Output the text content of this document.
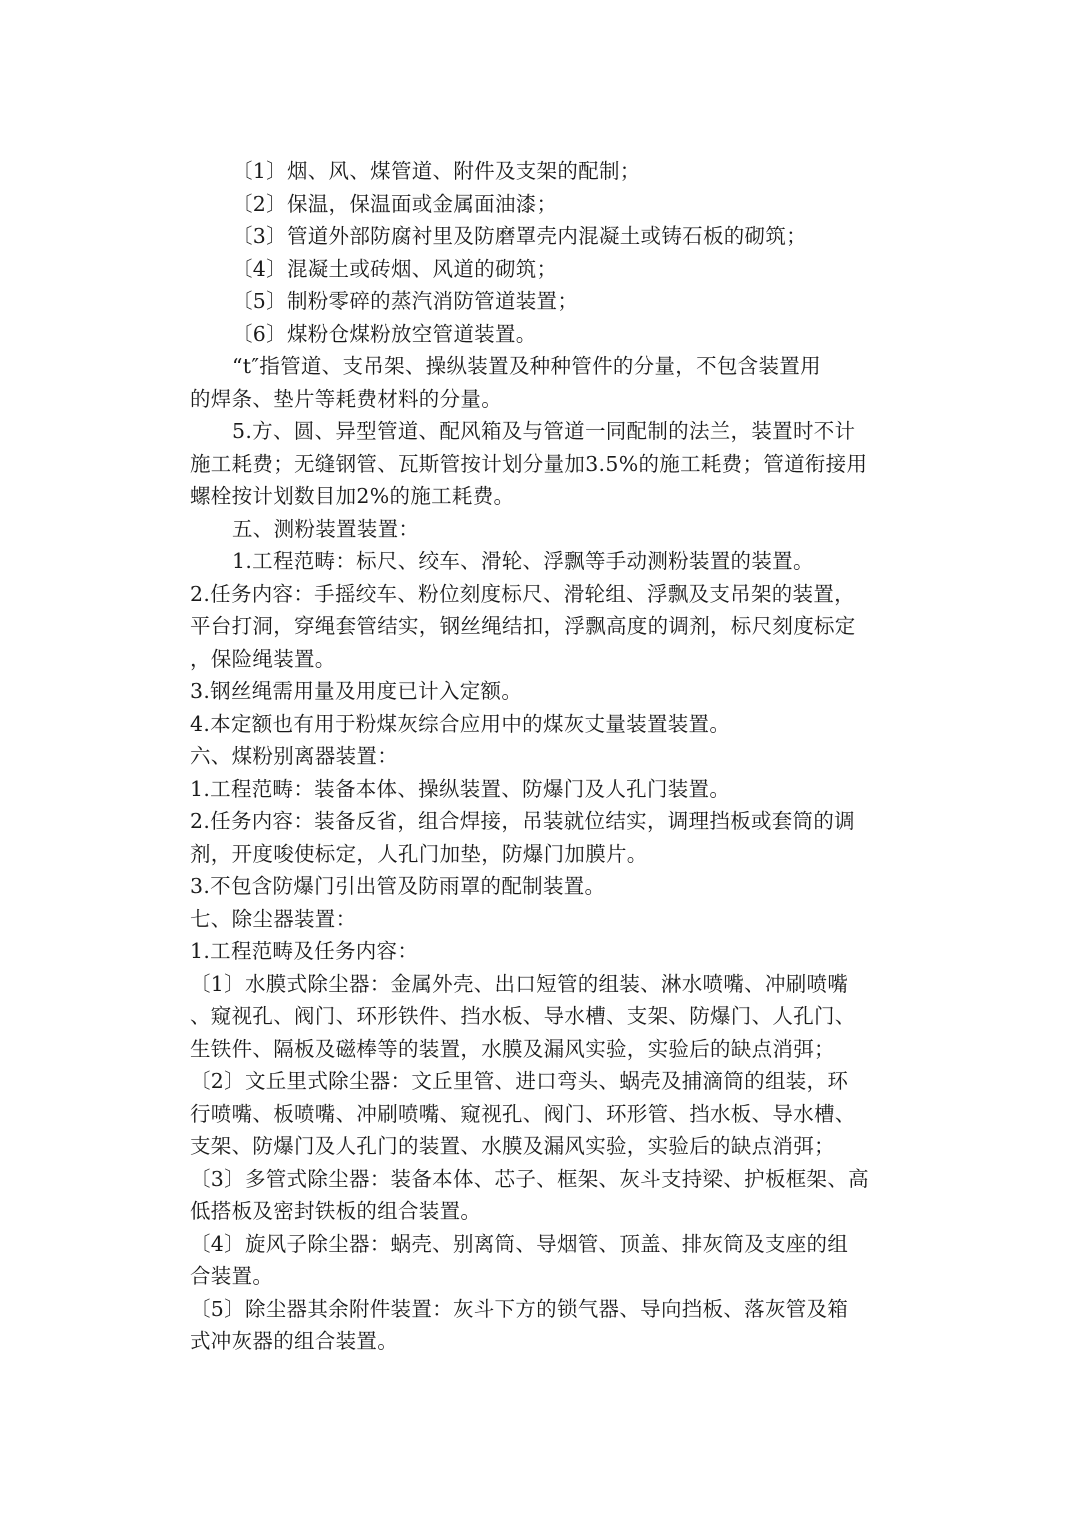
〔1〕烟、风、煤管道、附件及支架的配制；
〔2〕保温，保温面或金属面油漆；
〔3〕管道外部防腐衬里及防磨罩壳内混凝土或铸石板的砌筑；
〔4〕混凝土或砖烟、风道的砌筑；
〔5〕制粉零碎的蒸汽消防管道装置；
〔6〕煤粉仓煤粉放空管道装置。
“t″指管道、支吊架、操纵装置及种种管件的分量，不包含装置用
的焊条、垫片等耗费材料的分量。
5.方、圆、异型管道、配风箱及与管道一同配制的法兰，装置时不计
施工耗费；无缝钢管、瓦斯管按计划分量加3.5%的施工耗费；管道衔接用
螺栓按计划数目加2%的施工耗费。
五、测粉装置装置：
1.工程范畴：标尺、绞车、滑轮、浮飘等手动测粉装置的装置。
2.任务内容：手摇绞车、粉位刻度标尺、滑轮组、浮飘及支吊架的装置，
平台打洞，穿绳套管结实，钢丝绳结扣，浮飘高度的调剂，标尺刻度标定
，保险绳装置。
3.钢丝绳需用量及用度已计入定额。
4.本定额也有用于粉煤灰综合应用中的煤灰丈量装置装置。
六、煤粉别离器装置：
1.工程范畴：装备本体、操纵装置、防爆门及人孔门装置。
2.任务内容：装备反省，组合焊接，吊装就位结实，调理挡板或套筒的调
剂，开度唆使标定，人孔门加垫，防爆门加膜片。
3.不包含防爆门引出管及防雨罩的配制装置。
七、除尘器装置：
1.工程范畴及任务内容：
〔1〕水膜式除尘器：金属外壳、出口短管的组装、淋水喷嘴、冲刷喷嘴
、窥视孔、阀门、环形铁件、挡水板、导水槽、支架、防爆门、人孔门、
生铁件、隔板及磁棒等的装置，水膜及漏风实验，实验后的缺点消弭；
〔2〕文丘里式除尘器：文丘里管、进口弯头、蜗壳及捕滴筒的组装，环
行喷嘴、板喷嘴、冲刷喷嘴、窥视孔、阀门、环形管、挡水板、导水槽、
支架、防爆门及人孔门的装置、水膜及漏风实验，实验后的缺点消弭；
〔3〕多管式除尘器：装备本体、芯子、框架、灰斗支持梁、护板框架、高
低搭板及密封铁板的组合装置。
〔4〕旋风子除尘器：蜗壳、别离筒、导烟管、顶盖、排灰筒及支座的组
合装置。
〔5〕除尘器其余附件装置：灰斗下方的锁气器、导向挡板、落灰管及箱
式冲灰器的组合装置。
